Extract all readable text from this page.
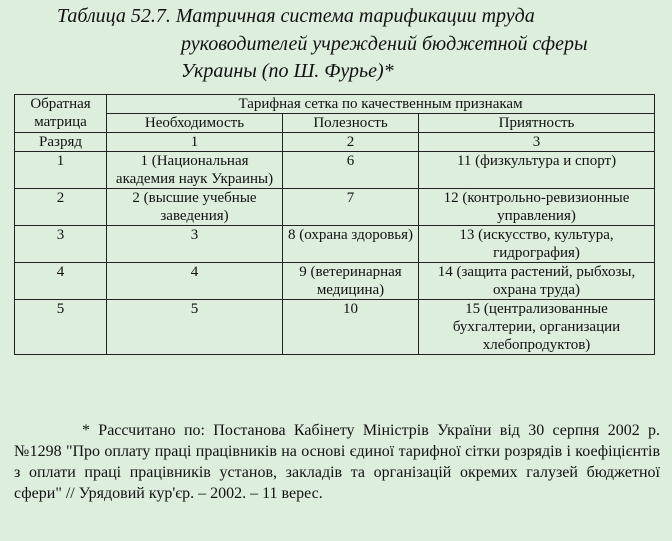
Таблица 52.7. Матричная система тарификации труда
руководителей учреждений бюджетной сферы
Украины (по Ш. Фурье)*
Обратная матрица	Тарифная сетка по качественным признакам		
	Необходимость	Полезность	Приятность
Разряд	1	2	3
1	1 (Национальная академия наук Украины)	6	11 (физкультура и спорт)
2	2 (высшие учебные заведения)	7	12 (контрольно-ревизионные управления)
3	3	8 (охрана здоровья)	13 (искусство, культура, гидрография)
4	4	9 (ветеринарная медицина)	14 (защита растений, рыбхозы, охрана труда)
5	5	10	15 (централизованные бухгалтерии, организации хлебопродуктов)

* Рассчитано по: Постанова Кабінету Міністрів України від 30 серпня 2002 р. №1298 "Про оплату праці працівників на основі єдиної тарифної сітки розрядів і коефіцієнтів з оплати праці працівників установ, закладів та організацій окремих галузей бюджетної сфери" // Урядовий кур'єр. – 2002. – 11 верес.
